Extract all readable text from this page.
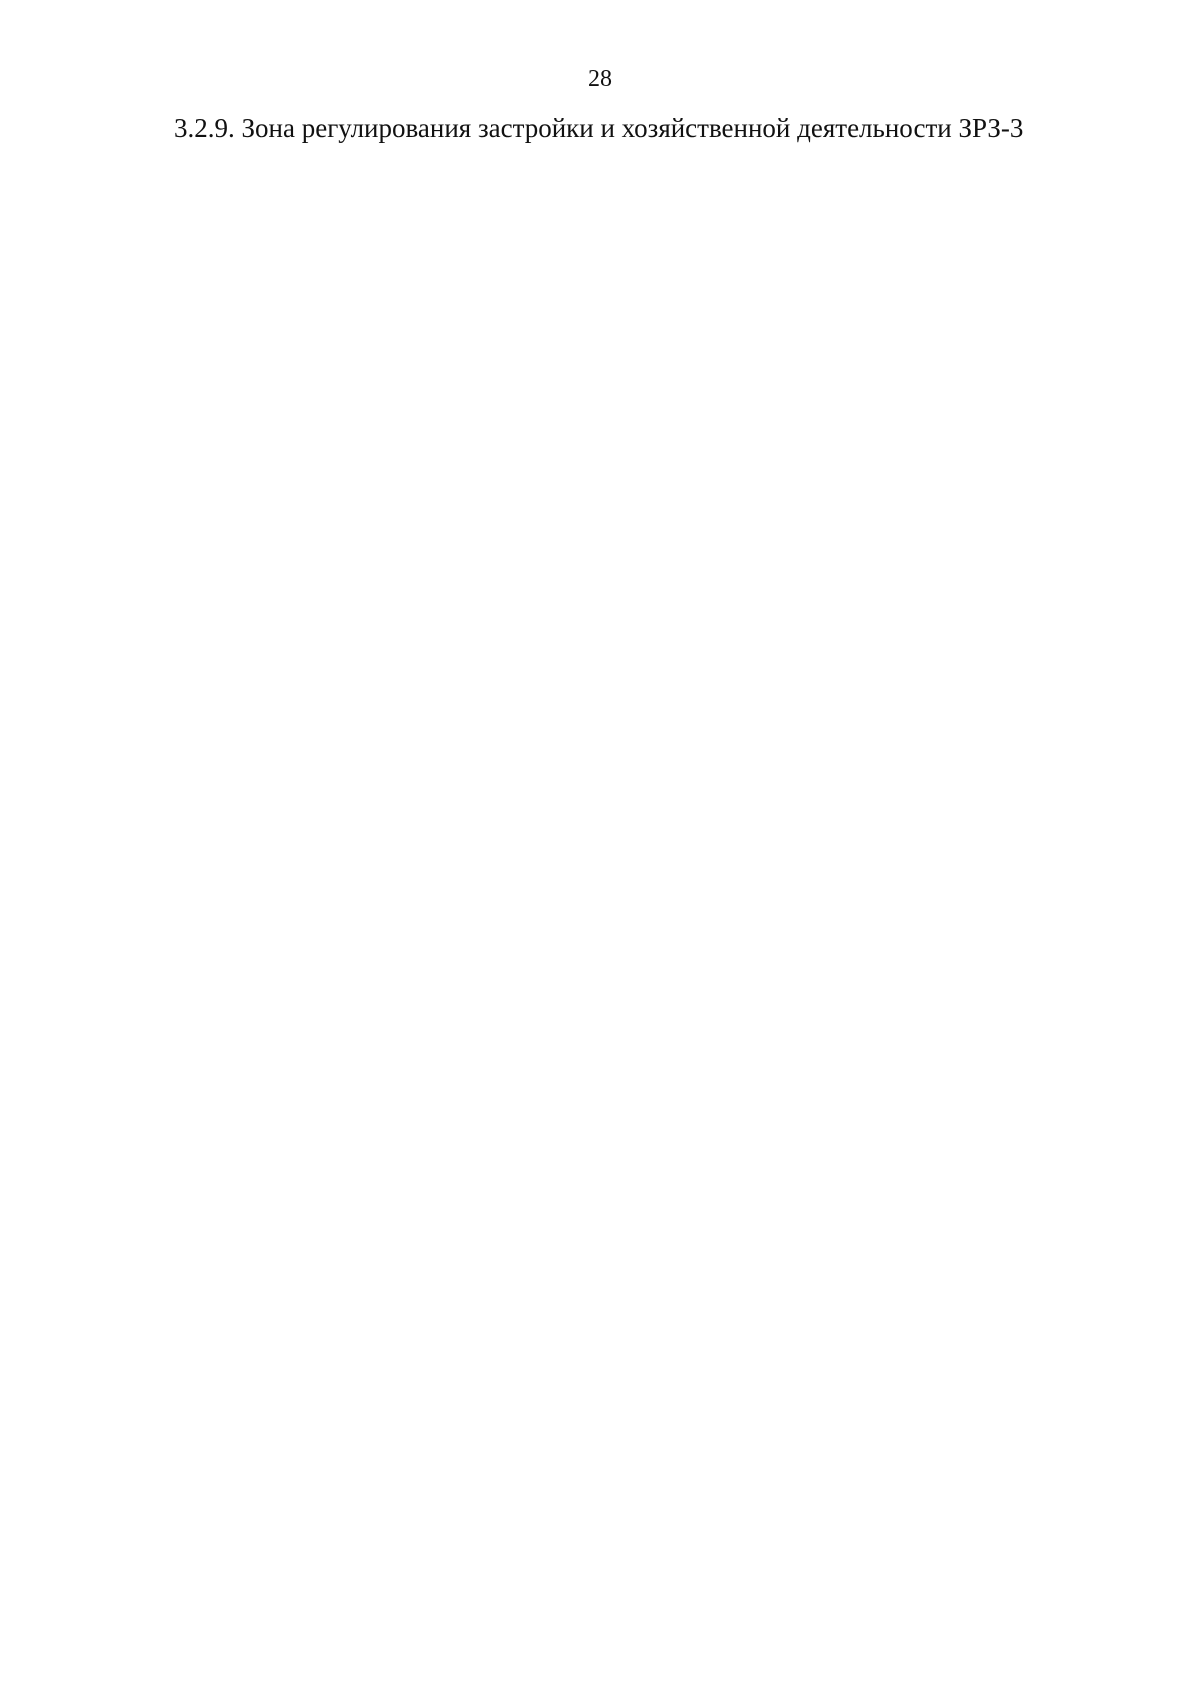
28

3.2.9. Зона регулирования застройки и хозяйственной деятельности ЗРЗ-3
